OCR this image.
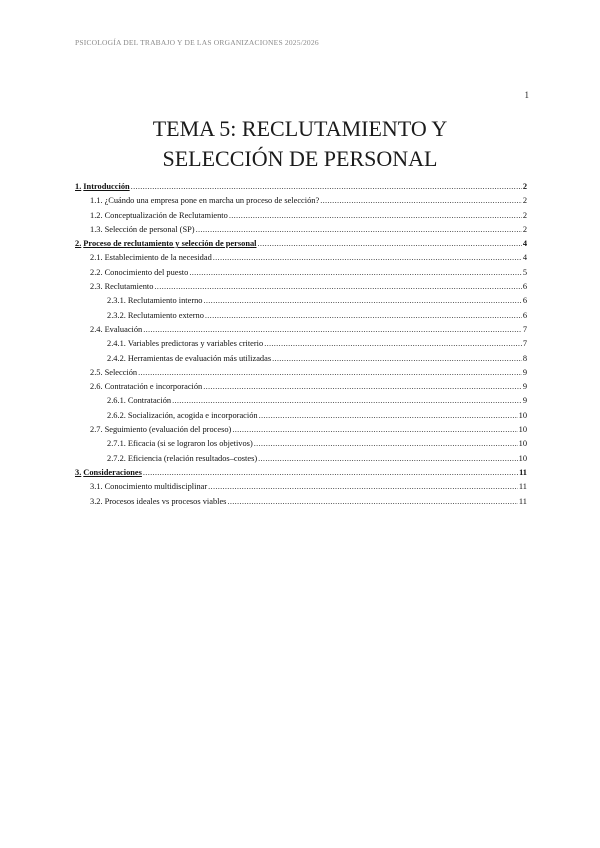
PSICOLOGÍA DEL TRABAJO Y DE LAS ORGANIZACIONES 2025/2026
1
TEMA 5: RECLUTAMIENTO Y
SELECCIÓN DE PERSONAL
1. Introducción .....	2
1.1. ¿Cuándo una empresa pone en marcha un proceso de selección? .....	2
1.2. Conceptualización de Reclutamiento .....	2
1.3. Selección de personal (SP) .....	2
2. Proceso de reclutamiento y selección de personal .....	4
2.1. Establecimiento de la necesidad .....	4
2.2. Conocimiento del puesto .....	5
2.3. Reclutamiento .....	6
2.3.1. Reclutamiento interno .....	6
2.3.2. Reclutamiento externo .....	6
2.4. Evaluación .....	7
2.4.1. Variables predictoras y variables criterio .....	7
2.4.2. Herramientas de evaluación más utilizadas .....	8
2.5. Selección .....	9
2.6. Contratación e incorporación .....	9
2.6.1. Contratación .....	9
2.6.2. Socialización, acogida e incorporación .....	10
2.7. Seguimiento (evaluación del proceso) .....	10
2.7.1. Eficacia (si se lograron los objetivos) .....	10
2.7.2. Eficiencia (relación resultados–costes) .....	10
3. Consideraciones .....	11
3.1. Conocimiento multidisciplinar .....	11
3.2. Procesos ideales vs procesos viables .....	11
